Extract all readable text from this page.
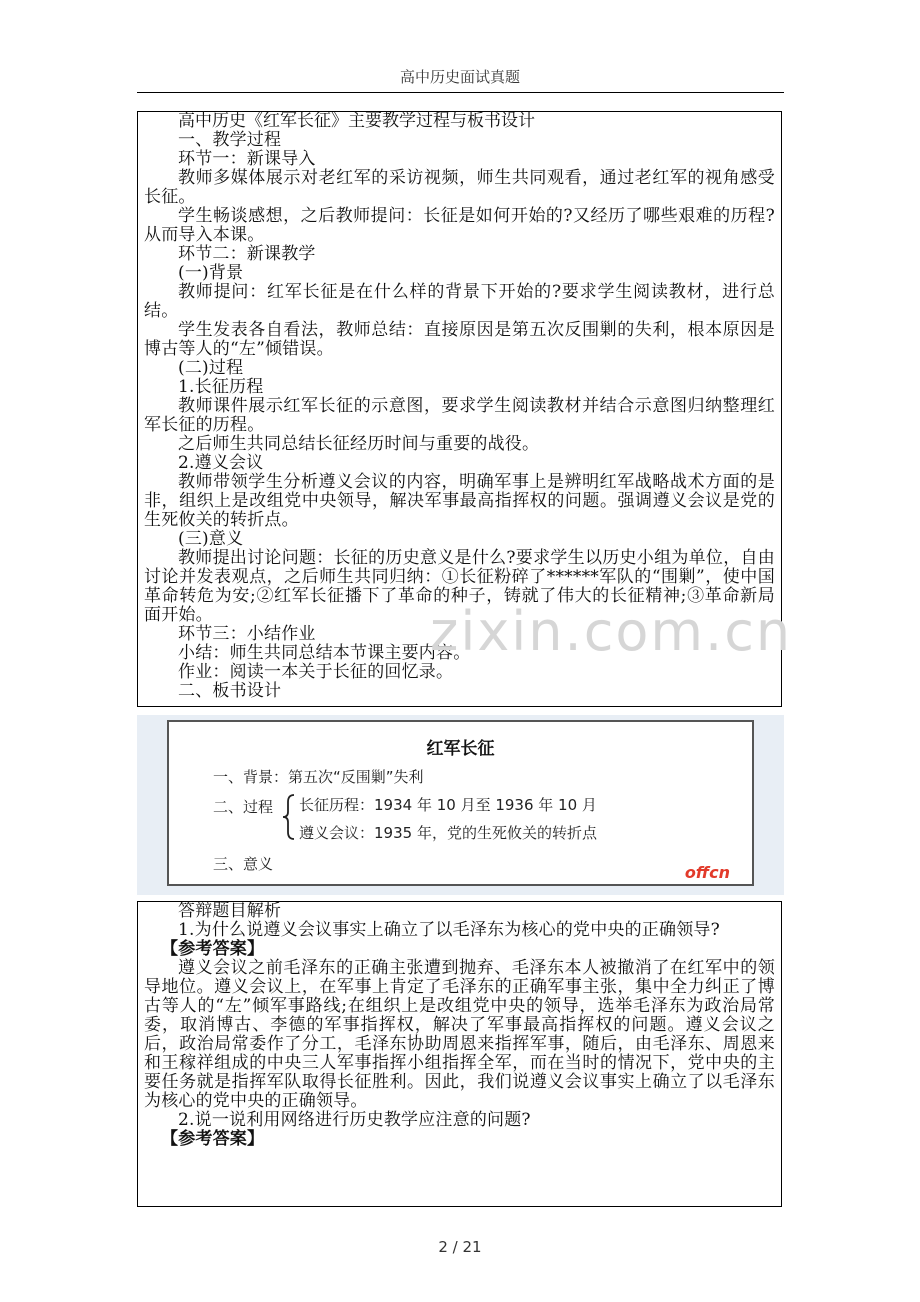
高中历史面试真题

高中历史《红军长征》主要教学过程与板书设计

一、教学过程

环节一：新课导入

教师多媒体展示对老红军的采访视频，师生共同观看，通过老红军的视角感受长征。

学生畅谈感想，之后教师提问：长征是如何开始的?又经历了哪些艰难的历程?从而导入本课。

环节二：新课教学

(一)背景

教师提问：红军长征是在什么样的背景下开始的?要求学生阅读教材，进行总结。

学生发表各自看法，教师总结：直接原因是第五次反围剿的失利，根本原因是博古等人的“左”倾错误。

(二)过程

1.长征历程

教师课件展示红军长征的示意图，要求学生阅读教材并结合示意图归纳整理红军长征的历程。

之后师生共同总结长征经历时间与重要的战役。

2.遵义会议

教师带领学生分析遵义会议的内容，明确军事上是辨明红军战略战术方面的是非，组织上是改组党中央领导，解决军事最高指挥权的问题。强调遵义会议是党的生死攸关的转折点。

(三)意义

教师提出讨论问题：长征的历史意义是什么?要求学生以历史小组为单位，自由讨论并发表观点，之后师生共同归纳：①长征粉碎了******军队的“围剿”，使中国革命转危为安;②红军长征播下了革命的种子，铸就了伟大的长征精神;③革命新局面开始。

环节三：小结作业

小结：师生共同总结本节课主要内容。

作业：阅读一本关于长征的回忆录。

二、板书设计

红军长征
一、背景：第五次“反围剿”失利
二、过程 长征历程：1934 年 10 月至 1936 年 10 月
遵义会议：1935 年，党的生死攸关的转折点
三、意义	offcn

答辩题目解析

1.为什么说遵义会议事实上确立了以毛泽东为核心的党中央的正确领导?

【参考答案】

遵义会议之前毛泽东的正确主张遭到抛弃、毛泽东本人被撤消了在红军中的领导地位。遵义会议上，在军事上肯定了毛泽东的正确军事主张，集中全力纠正了博古等人的“左”倾军事路线;在组织上是改组党中央的领导，选举毛泽东为政治局常委，取消博古、李德的军事指挥权，解决了军事最高指挥权的问题。遵义会议之后，政治局常委作了分工，毛泽东协助周恩来指挥军事，随后，由毛泽东、周恩来和王稼祥组成的中央三人军事指挥小组指挥全军，而在当时的情况下，党中央的主要任务就是指挥军队取得长征胜利。因此，我们说遵义会议事实上确立了以毛泽东为核心的党中央的正确领导。

2.说一说利用网络进行历史教学应注意的问题?

【参考答案】

zixin.com.cn
2 / 21
